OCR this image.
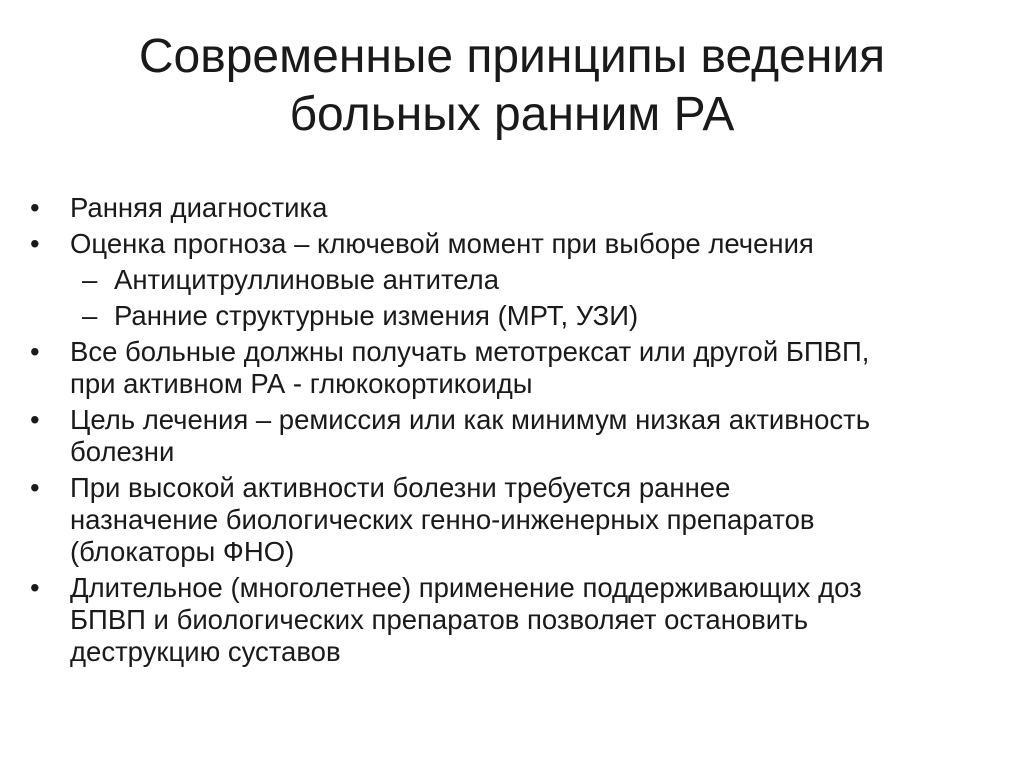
Современные принципы ведения
больных ранним РА
• Ранняя диагностика
• Оценка прогноза – ключевой момент при выборе лечения
– Антицитруллиновые антитела
– Ранние структурные измения (МРТ, УЗИ)
• Все больные должны получать метотрексат или другой БПВП,
при активном РА - глюкокортикоиды
• Цель лечения – ремиссия или как минимум низкая активность
болезни
• При высокой активности болезни требуется раннее
назначение биологических генно-инженерных препаратов
(блокаторы ФНО)
• Длительное (многолетнее) применение поддерживающих доз
БПВП и биологических препаратов позволяет остановить
деструкцию суставов
